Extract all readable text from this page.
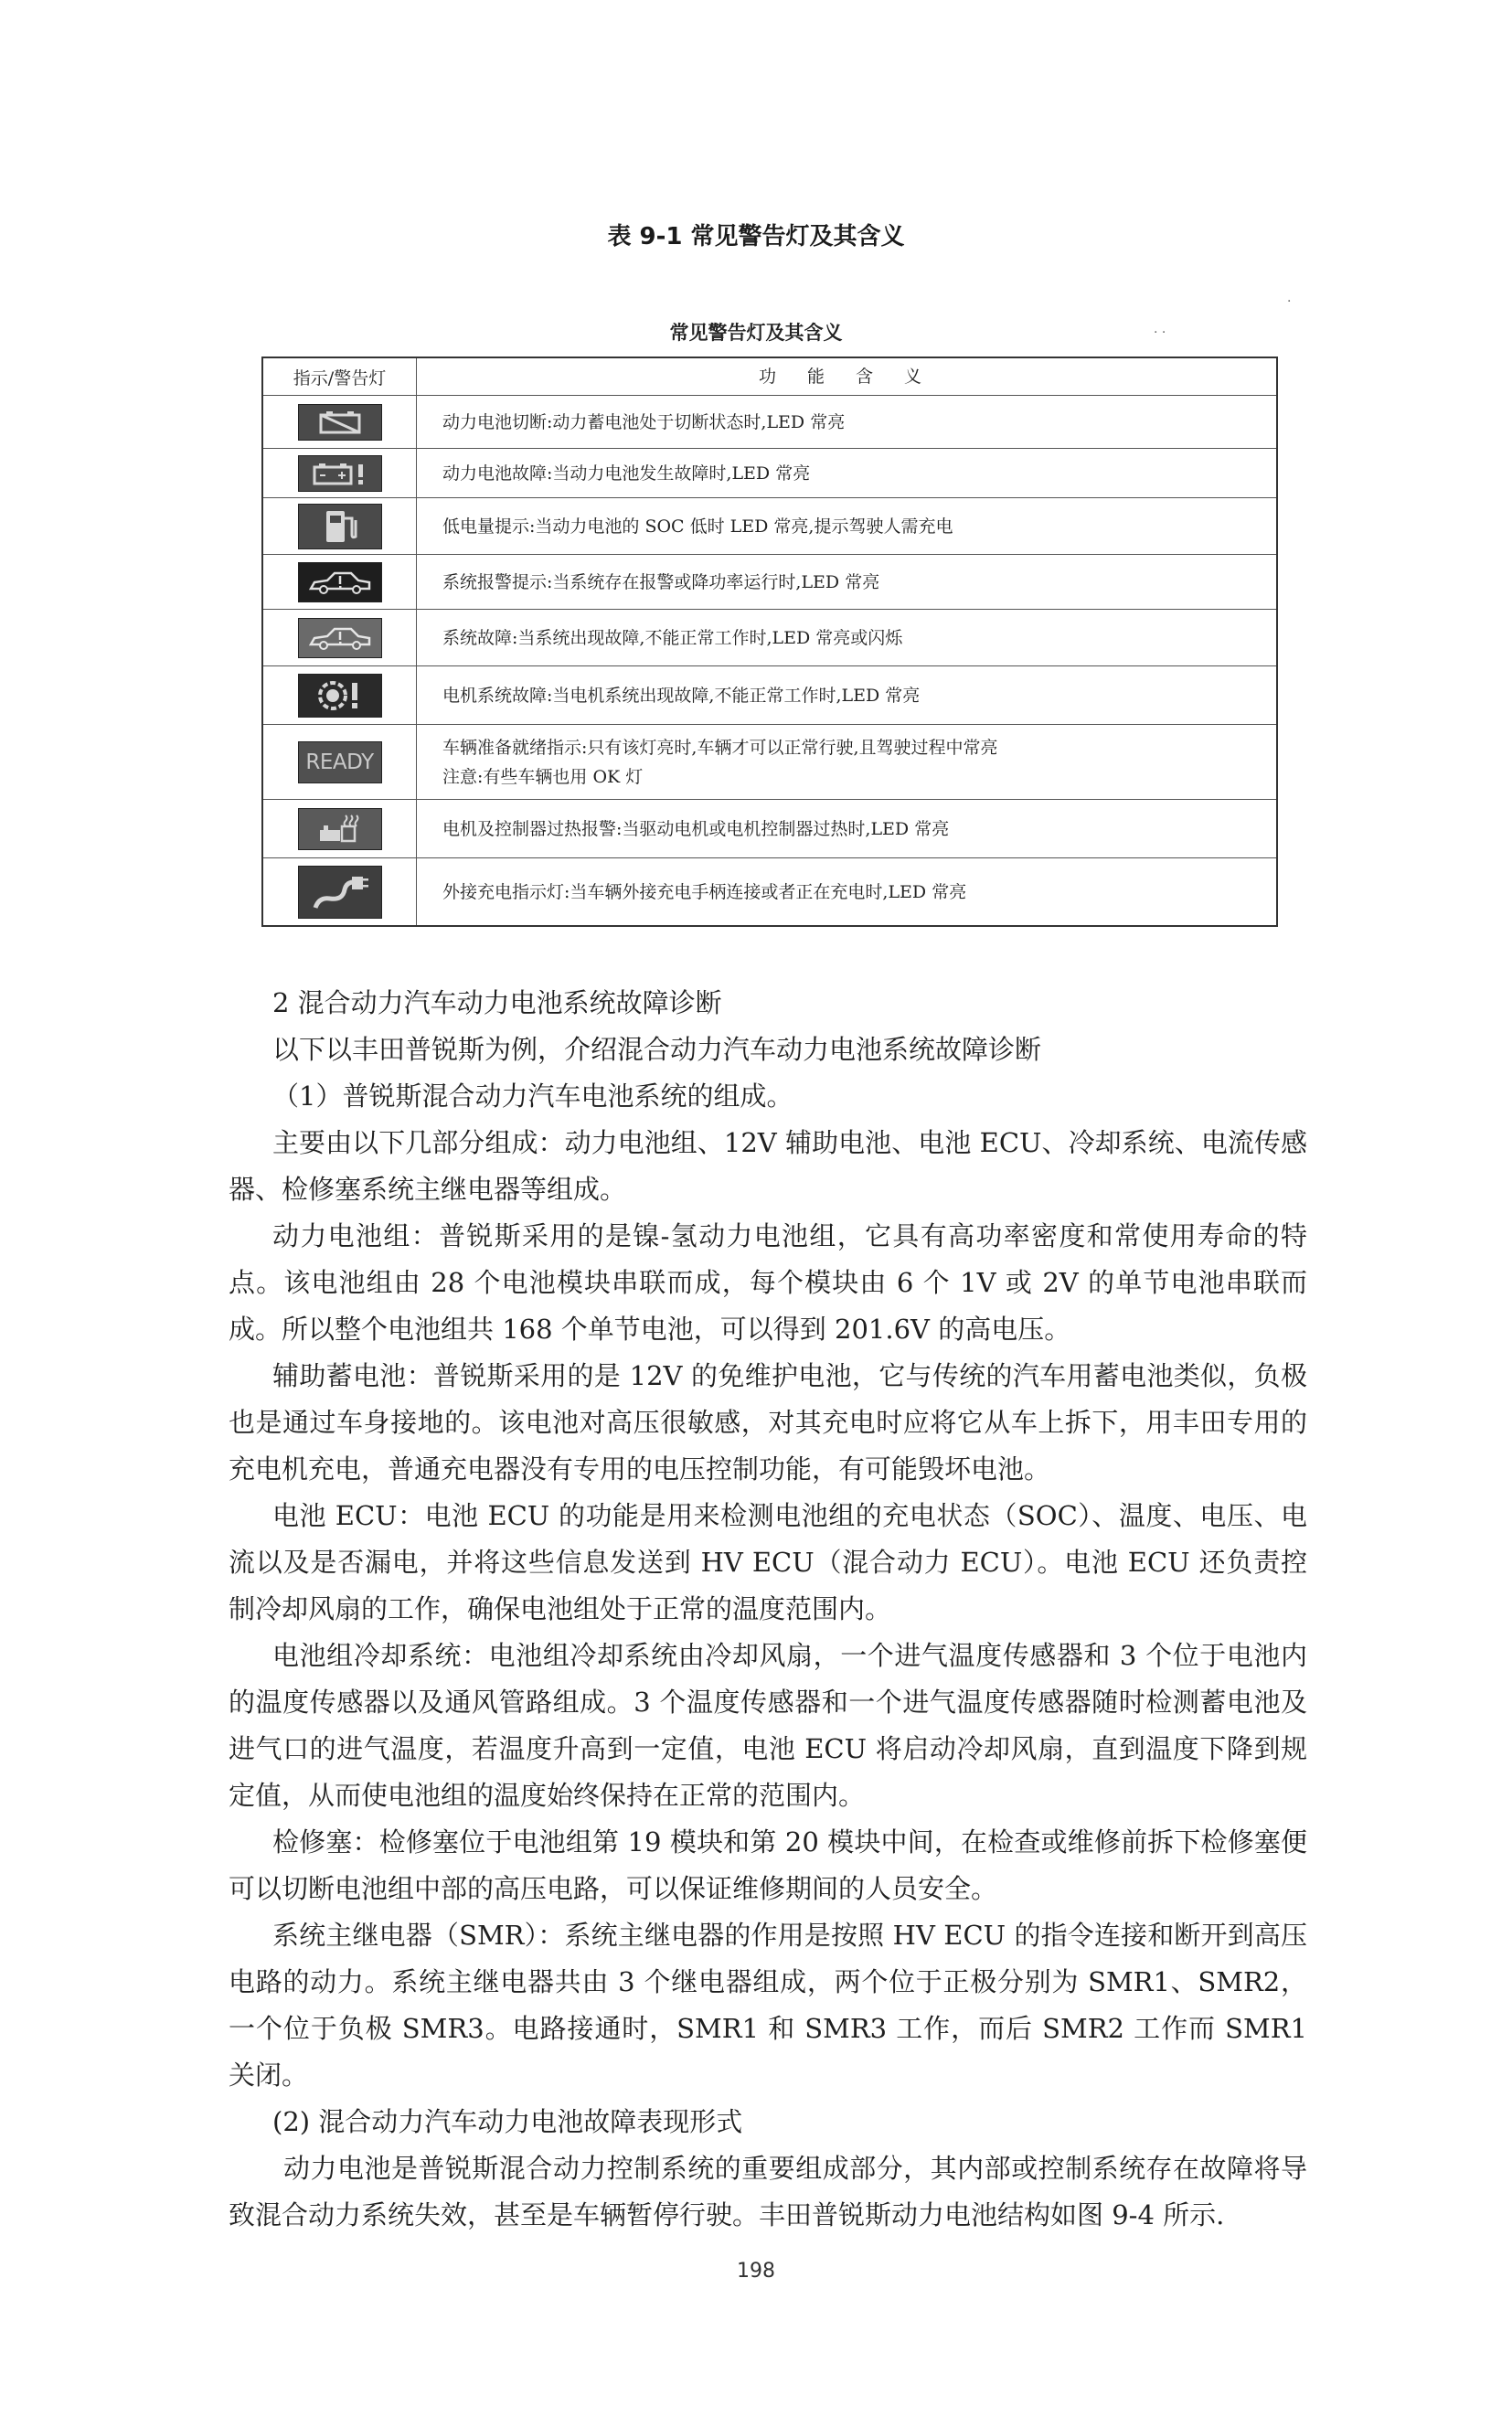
表 9-1 常见警告灯及其含义
常见警告灯及其含义
·
· ·
指示/警告灯	功 能 含 义
动力电池切断:动力蓄电池处于切断状态时,LED 常亮
动力电池故障:当动力电池发生故障时,LED 常亮
低电量提示:当动力电池的 SOC 低时 LED 常亮,提示驾驶人需充电
系统报警提示:当系统存在报警或降功率运行时,LED 常亮
系统故障:当系统出现故障,不能正常工作时,LED 常亮或闪烁
电机系统故障:当电机系统出现故障,不能正常工作时,LED 常亮
READY
车辆准备就绪指示:只有该灯亮时,车辆才可以正常行驶,且驾驶过程中常亮
注意:有些车辆也用 OK 灯
电机及控制器过热报警:当驱动电机或电机控制器过热时,LED 常亮
外接充电指示灯:当车辆外接充电手柄连接或者正在充电时,LED 常亮

2 混合动力汽车动力电池系统故障诊断

以下以丰田普锐斯为例，介绍混合动力汽车动力电池系统故障诊断

（1）普锐斯混合动力汽车电池系统的组成。

主要由以下几部分组成：动力电池组、12V 辅助电池、电池 ECU、冷却系统、电流传感器、检修塞系统主继电器等组成。

动力电池组：普锐斯采用的是镍-氢动力电池组，它具有高功率密度和常使用寿命的特点。该电池组由 28 个电池模块串联而成，每个模块由 6 个 1V 或 2V 的单节电池串联而成。所以整个电池组共 168 个单节电池，可以得到 201.6V 的高电压。

辅助蓄电池：普锐斯采用的是 12V 的免维护电池，它与传统的汽车用蓄电池类似，负极也是通过车身接地的。该电池对高压很敏感，对其充电时应将它从车上拆下，用丰田专用的充电机充电，普通充电器没有专用的电压控制功能，有可能毁坏电池。

电池 ECU：电池 ECU 的功能是用来检测电池组的充电状态（SOC）、温度、电压、电流以及是否漏电，并将这些信息发送到 HV ECU（混合动力 ECU）。电池 ECU 还负责控制冷却风扇的工作，确保电池组处于正常的温度范围内。

电池组冷却系统：电池组冷却系统由冷却风扇，一个进气温度传感器和 3 个位于电池内的温度传感器以及通风管路组成。3 个温度传感器和一个进气温度传感器随时检测蓄电池及进气口的进气温度，若温度升高到一定值，电池 ECU 将启动冷却风扇，直到温度下降到规定值，从而使电池组的温度始终保持在正常的范围内。

检修塞：检修塞位于电池组第 19 模块和第 20 模块中间，在检查或维修前拆下检修塞便可以切断电池组中部的高压电路，可以保证维修期间的人员安全。

系统主继电器（SMR）：系统主继电器的作用是按照 HV ECU 的指令连接和断开到高压电路的动力。系统主继电器共由 3 个继电器组成，两个位于正极分别为 SMR1、SMR2，一个位于负极 SMR3。电路接通时，SMR1 和 SMR3 工作，而后 SMR2 工作而 SMR1 关闭。

(2) 混合动力汽车动力电池故障表现形式

动力电池是普锐斯混合动力控制系统的重要组成部分，其内部或控制系统存在故障将导致混合动力系统失效，甚至是车辆暂停行驶。丰田普锐斯动力电池结构如图 9-4 所示.

198
